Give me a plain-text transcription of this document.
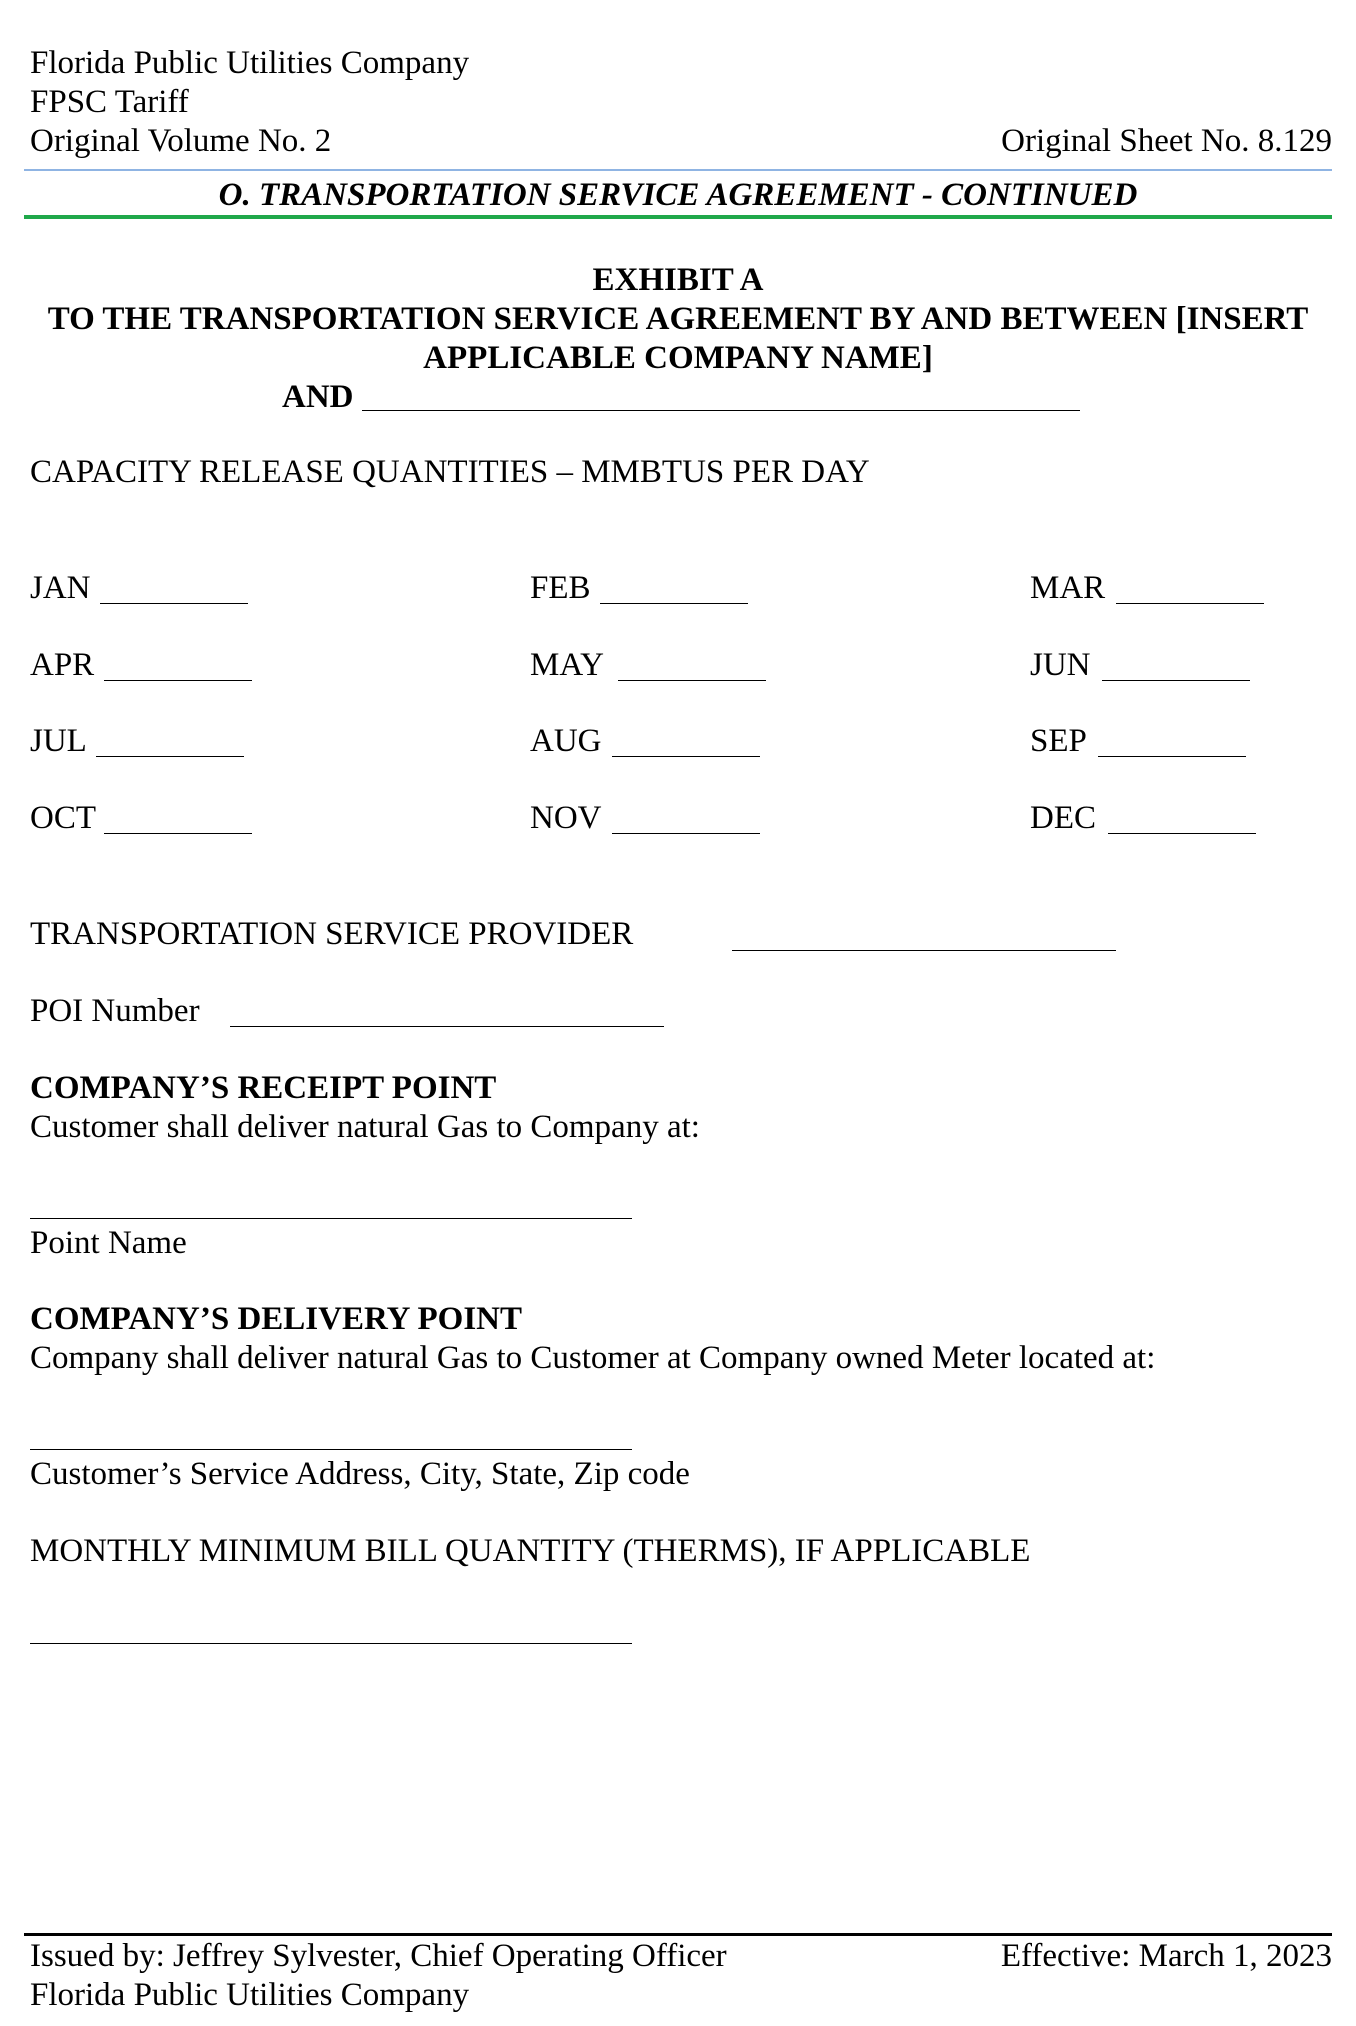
Florida Public Utilities Company
FPSC Tariff
Original Volume No. 2	Original Sheet No. 8.129
O. TRANSPORTATION SERVICE AGREEMENT - CONTINUED
EXHIBIT A
TO THE TRANSPORTATION SERVICE AGREEMENT BY AND BETWEEN [INSERT
APPLICABLE COMPANY NAME]
AND
CAPACITY RELEASE QUANTITIES – MMBTUS PER DAY
JAN	FEB	MAR
APR	MAY	JUN
JUL	AUG	SEP
OCT	NOV	DEC
TRANSPORTATION SERVICE PROVIDER
POI Number
COMPANY’S RECEIPT POINT
Customer shall deliver natural Gas to Company at:
Point Name
COMPANY’S DELIVERY POINT
Company shall deliver natural Gas to Customer at Company owned Meter located at:
Customer’s Service Address, City, State, Zip code
MONTHLY MINIMUM BILL QUANTITY (THERMS), IF APPLICABLE
Issued by: Jeffrey Sylvester, Chief Operating Officer	Effective: March 1, 2023
Florida Public Utilities Company
